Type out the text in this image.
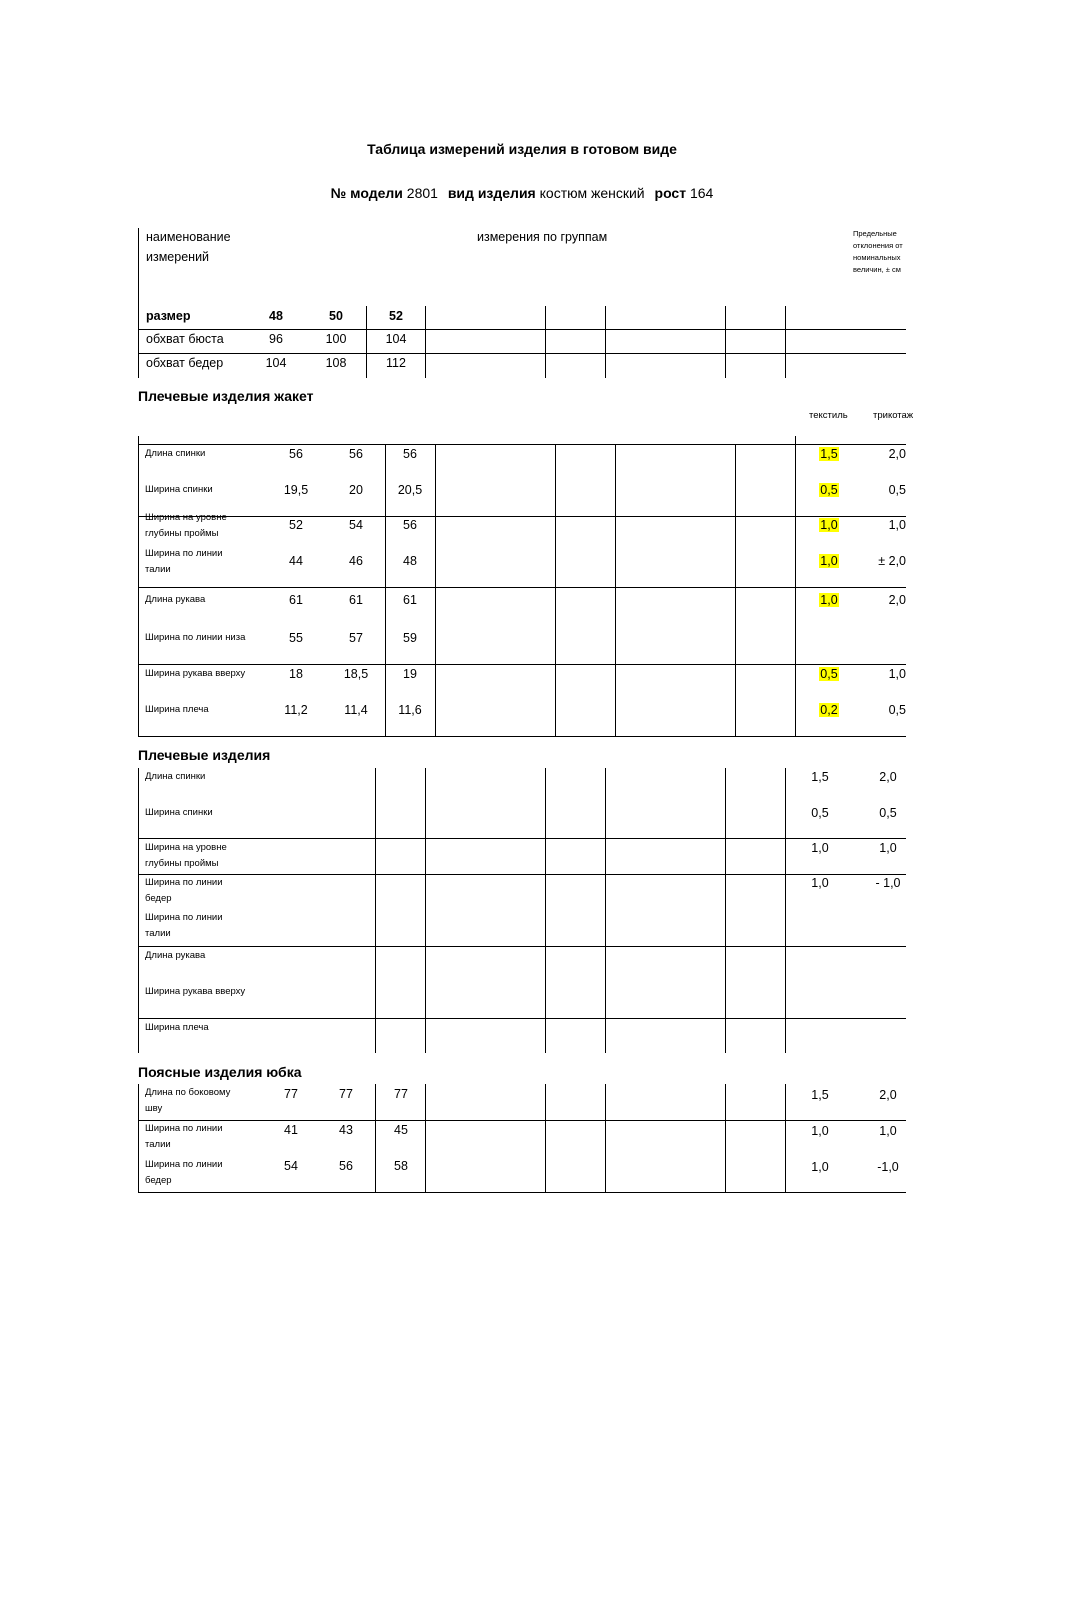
Таблица измерений изделия в готовом виде
№ модели 2801 вид изделия костюм женский рост 164
наименование
измерений
измерения по группам	Предельные
отклонения от
номинальных
величин, ± см
размер	48	50	52
обхват бюста	96	100	104
обхват бедер	104	108	112
Плечевые изделия жакет
текстиль	трикотаж
Длина спинки	56	56	56	1,5	2,0
Ширина спинки	19,5	20	20,5	0,5	0,5
Ширина на уровне
глубины проймы
52	54	56	1,0	1,0
Ширина по линии
талии
44	46	48	1,0	± 2,0
Длина рукава	61	61	61	1,0	2,0
Ширина по линии низа	55	57	59
Ширина рукава вверху	18	18,5	19	0,5	1,0
Ширина плеча	11,2	11,4	11,6	0,2	0,5
Плечевые изделия
Длина спинки	1,5	2,0
Ширина спинки	0,5	0,5
Ширина на уровне
глубины проймы
1,0	1,0
Ширина по линии
бедер
1,0	- 1,0
Ширина по линии
талии
Длина рукава
Ширина рукава вверху
Ширина плеча
Поясные изделия юбка
Длина по боковому
шву
77	77	77	1,5	2,0
Ширина по линии
талии
41	43	45	1,0	1,0
Ширина по линии
бедер
54	56	58	1,0	-1,0
